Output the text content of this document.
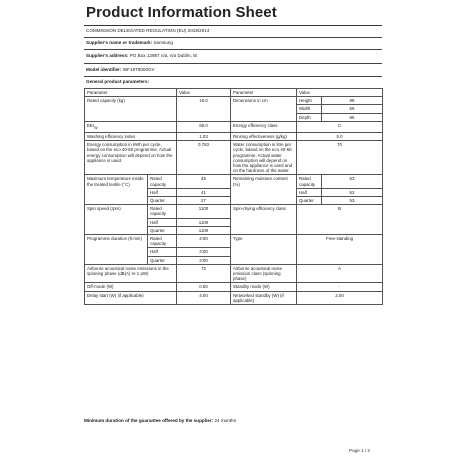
Product Information Sheet
COMMISSION DELEGATED REGULATION (EU) 2019/2014
Supplier's name or trademark: Samsung
Supplier's address: PO Box 12987 n/a, n/a Dublin, IE
Model identifier: WF18T8000GV
General product parameters:
Parameter		Value	Parameter	Value	
Rated capacity (kg)		18.0	Dimensions in cm	Height	98
				Width	69
				Depth	85
$EEI_W$		69.0	Energy efficiency class	C	
Washing efficiency index		1.03	Rinsing effectiveness (g/kg)	5.0	
Energy consumption in kWh per cycle, based on the eco 40-60 programme. Actual energy consumption will depend on how the appliance is used.		0.763	Water consumption in litre per cycle, based on the eco 40-60 programme. Actual water consumption will depend on how the appliance is used and on the hardness of the water.	70	
Maximum temperature inside the treated textile (°C)	Rated capacity	45	Remaining moisture content (%)	Rated capacity	53
	Half	41		Half	53
	Quarter	27		Quarter	53
Spin speed (rpm)	Rated capacity	1100	Spin-drying efficiency class	B	
	Half	1100			
	Quarter	1100			
Programme duration (h:min)	Rated capacity	4:00	Type	Free-standing	
	Half	3:00			
	Quarter	3:00			
Airborne acoustical noise emissions in the spinning phase (dB(A) re 1 pW)		72	Airborne acoustical noise emission class (spinning phase)	A	
Off-mode (W)		0.50	Standby mode (W)	-	
Delay start (W) (if applicable)		4.00	Networked standby (W) (if applicable)	2.00	
Minimum duration of the guarantee offered by the supplier: 24 months
Page 1 / 2
